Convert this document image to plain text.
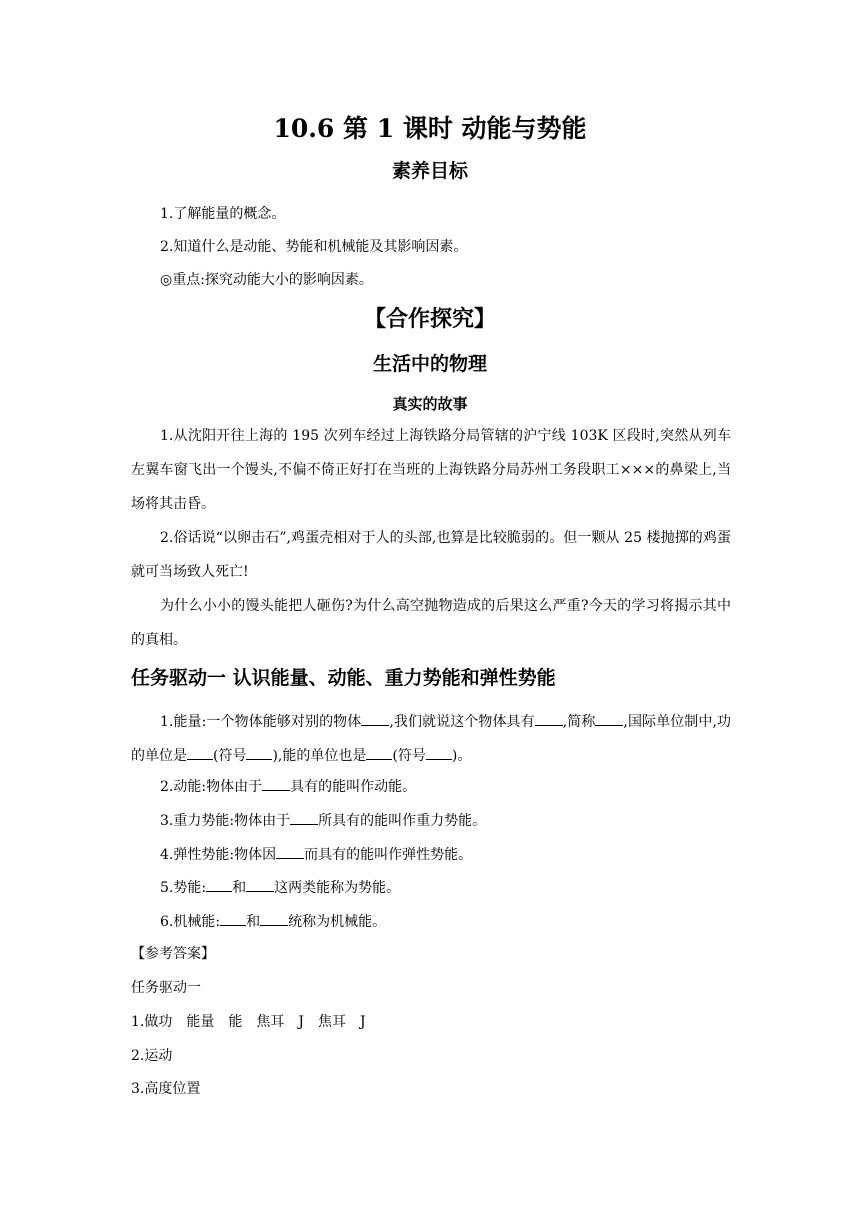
10.6 第 1 课时 动能与势能
素养目标
1.了解能量的概念。
2.知道什么是动能、势能和机械能及其影响因素。
◎重点:探究动能大小的影响因素。
【合作探究】
生活中的物理
真实的故事
1.从沈阳开往上海的 195 次列车经过上海铁路分局管辖的沪宁线 103K 区段时,突然从列车左翼车窗飞出一个馒头,不偏不倚正好打在当班的上海铁路分局苏州工务段职工×××的鼻梁上,当场将其击昏。
2.俗话说“以卵击石”,鸡蛋壳相对于人的头部,也算是比较脆弱的。但一颗从 25 楼抛掷的鸡蛋就可当场致人死亡!
为什么小小的馒头能把人砸伤?为什么高空抛物造成的后果这么严重?今天的学习将揭示其中的真相。
任务驱动一 认识能量、动能、重力势能和弹性势能
1.能量:一个物体能够对别的物体 ,我们就说这个物体具有 ,简称 ,国际单位制中,功的单位是 (符号 ),能的单位也是 (符号 )。
2.动能:物体由于 具有的能叫作动能。
3.重力势能:物体由于 所具有的能叫作重力势能。
4.弹性势能:物体因 而具有的能叫作弹性势能。
5.势能: 和 这两类能称为势能。
6.机械能: 和 统称为机械能。
【参考答案】
任务驱动一
1.做功 能量 能 焦耳 J 焦耳 J
2.运动
3.高度位置
